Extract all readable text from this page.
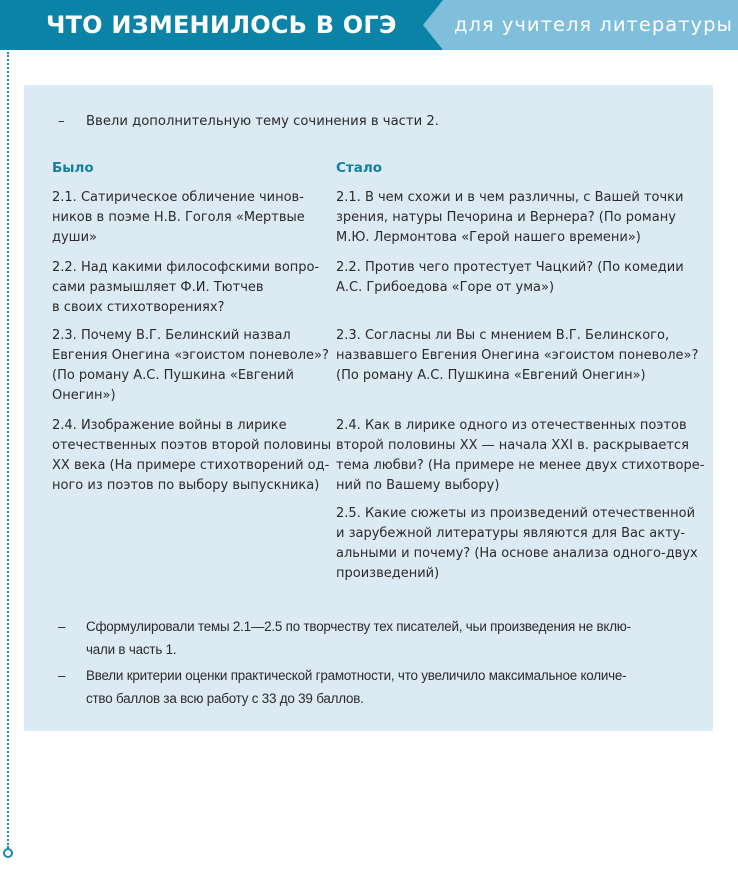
ЧТО ИЗМЕНИЛОСЬ В ОГЭ	для учителя литературы
– Ввели дополнительную тему сочинения в части 2.
Было	Стало
2.1. Сатирическое обличение чинов-
ников в поэме Н.В. Гоголя «Мертвые
души»
2.2. Над какими философскими вопро-
сами размышляет Ф.И. Тютчев
в своих стихотворениях?
2.3. Почему В.Г. Белинский назвал
Евгения Онегина «эгоистом поневоле»?
(По роману А.С. Пушкина «Евгений
Онегин»)
2.4. Изображение войны в лирике
отечественных поэтов второй половины
XX века (На примере стихотворений од-
ного из поэтов по выбору выпускника)
2.1. В чем схожи и в чем различны, с Вашей точки
зрения, натуры Печорина и Вернера? (По роману
М.Ю. Лермонтова «Герой нашего времени»)
2.2. Против чего протестует Чацкий? (По комедии
А.С. Грибоедова «Горе от ума»)
2.3. Согласны ли Вы с мнением В.Г. Белинского,
назвавшего Евгения Онегина «эгоистом поневоле»?
(По роману А.С. Пушкина «Евгений Онегин»)
2.4. Как в лирике одного из отечественных поэтов
второй половины XX — начала XXI в. раскрывается
тема любви? (На примере не менее двух стихотворе-
ний по Вашему выбору)
2.5. Какие сюжеты из произведений отечественной
и зарубежной литературы являются для Вас акту-
альными и почему? (На основе анализа одного-двух
произведений)
– Сформулировали темы 2.1—2.5 по творчеству тех писателей, чьи произведения не вклю-
чали в часть 1.
– Ввели критерии оценки практической грамотности, что увеличило максимальное количе-
ство баллов за всю работу с 33 до 39 баллов.
